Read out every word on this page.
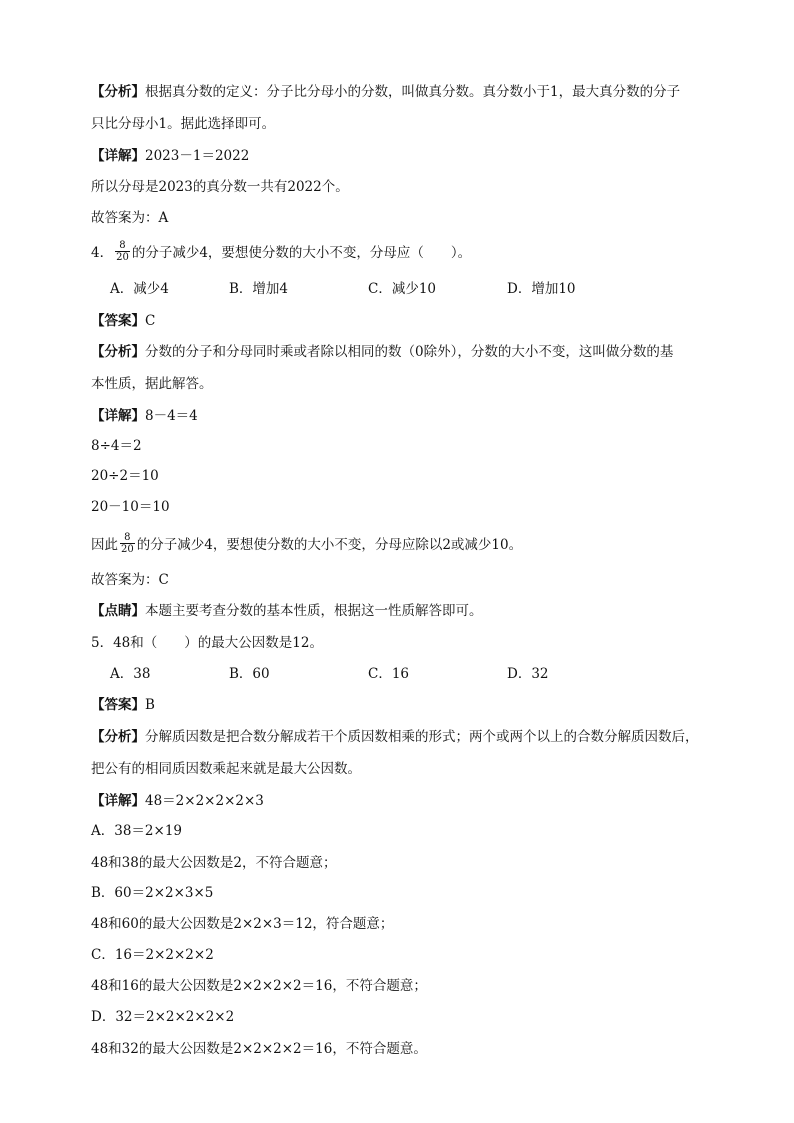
【分析】根据真分数的定义：分子比分母小的分数，叫做真分数。真分数小于1，最大真分数的分子
只比分母小1。据此选择即可。
【详解】2023－1＝2022
所以分母是2023的真分数一共有2022个。
故答案为：A
4． $\frac{8}{20}$ 的分子减少4，要想使分数的大小不变，分母应（　　）。
A．减少4	B．增加4	C．减少10	D．增加10
【答案】C
【分析】分数的分子和分母同时乘或者除以相同的数（0除外），分数的大小不变，这叫做分数的基
本性质，据此解答。
【详解】8－4＝4
8÷4＝2
20÷2＝10
20－10＝10
因此 $\frac{8}{20}$ 的分子减少4，要想使分数的大小不变，分母应除以2或减少10。
故答案为：C
【点睛】本题主要考查分数的基本性质，根据这一性质解答即可。
5．48和（　　）的最大公因数是12。
A．38	B．60	C．16	D．32
【答案】B
【分析】分解质因数是把合数分解成若干个质因数相乘的形式；两个或两个以上的合数分解质因数后，
把公有的相同质因数乘起来就是最大公因数。
【详解】48＝2×2×2×2×3
A．38＝2×19
48和38的最大公因数是2，不符合题意；
B．60＝2×2×3×5
48和60的最大公因数是2×2×3＝12，符合题意；
C．16＝2×2×2×2
48和16的最大公因数是2×2×2×2＝16，不符合题意；
D．32＝2×2×2×2×2
48和32的最大公因数是2×2×2×2＝16，不符合题意。
